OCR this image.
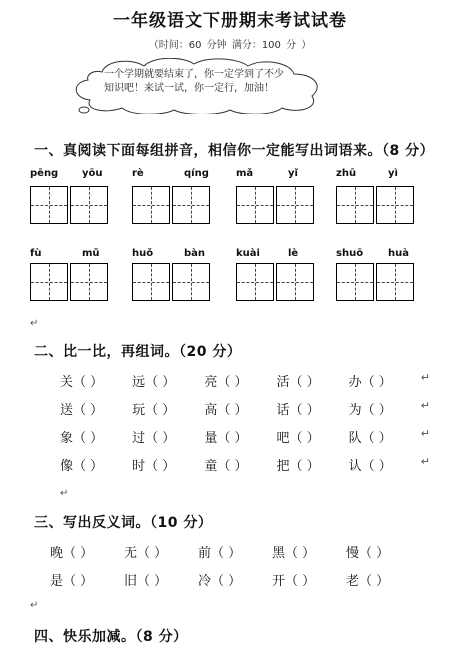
一年级语文下册期末考试试卷
（时间：60 分钟 满分：100 分 ）
一个学期就要结束了，你一定学到了不少
知识吧！来试一试，你一定行，加油！
一、真阅读下面每组拼音，相信你一定能写出词语来。（8 分）
pēng yōu	rè	qíng	mǎ	yǐ	zhū	yì
fù	mǔ	huǒ	bàn	kuài	lè	shuō huà
二、比一比，再组词。（20 分）
关（ ）	远（ ）	亮（ ）	活（ ）	办（ ）	↵
送（ ）	玩（ ）	高（ ）	话（ ）	为（ ）	↵
象（ ）	过（ ）	量（ ）	吧（ ）	队（ ）	↵
像（ ）	时（ ）	童（ ）	把（ ）	认（ ）	↵
三、写出反义词。（10 分）
晚（ ）	无（ ）	前（ ）	黑（ ）	慢（ ）
是（ ）	旧（ ）	冷（ ）	开（ ）	老（ ）
四、快乐加减。（8 分）
↵
↵
↵
